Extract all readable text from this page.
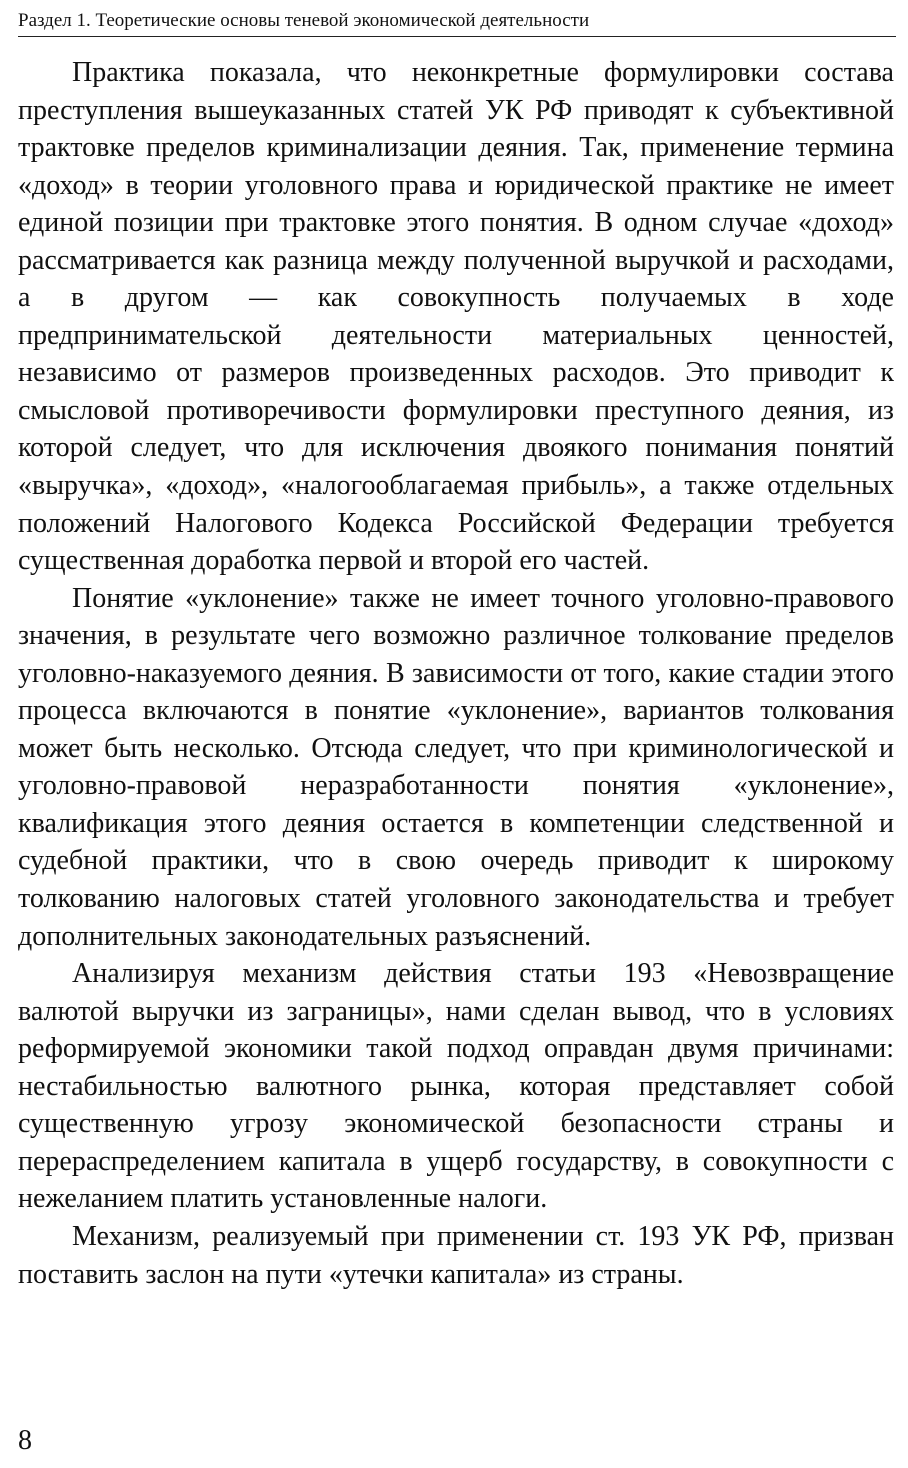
Раздел 1. Теоретические основы теневой экономической деятельности

Практика показала, что неконкретные формулировки состава преступления вышеуказанных статей УК РФ приводят к субъективной трактовке пределов криминализации деяния. Так, применение термина «доход» в теории уголовного права и юридической практике не имеет единой позиции при трактовке этого понятия. В одном случае «доход» рассматривается как разница между полученной выручкой и расходами, а в другом — как совокупность получаемых в ходе предпринимательской деятельности материальных ценностей, независимо от размеров произведенных расходов. Это приводит к смысловой противоречивости формулировки преступного деяния, из которой следует, что для исключения двоякого понимания понятий «выручка», «доход», «налогооблагаемая прибыль», а также отдельных положений Налогового Кодекса Российской Федерации требуется существенная доработка первой и второй его частей.

Понятие «уклонение» также не имеет точного уголовно-правового значения, в результате чего возможно различное толкование пределов уголовно-наказуемого деяния. В зависимости от того, какие стадии этого процесса включаются в понятие «уклонение», вариантов толкования может быть несколько. Отсюда следует, что при криминологической и уголовно-правовой неразработанности понятия «уклонение», квалификация этого деяния остается в компетенции следственной и судебной практики, что в свою очередь приводит к широкому толкованию налоговых статей уголовного законодательства и требует дополнительных законодательных разъяснений.

Анализируя механизм действия статьи 193 «Невозвращение валютой выручки из заграницы», нами сделан вывод, что в условиях реформируемой экономики такой подход оправдан двумя причинами: нестабильностью валютного рынка, которая представляет собой существенную угрозу экономической безопасности страны и перераспределением капитала в ущерб государству, в совокупности с нежеланием платить установленные налоги.

Механизм, реализуемый при применении ст. 193 УК РФ, призван поставить заслон на пути «утечки капитала» из страны.

8
